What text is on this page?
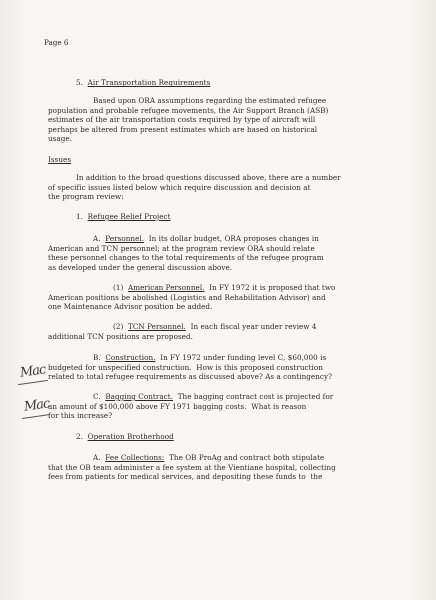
Page 6
5. Air Transportation Requirements
Based upon ORA assumptions regarding the estimated refugee
population and probable refugee movements, the Air Support Branch (ASB)
estimates of the air transportation costs required by type of aircraft will
perhaps be altered from present estimates which are based on historical
usage.
Issues
In addition to the broad questions discussed above, there are a number
of specific issues listed below which require discussion and decision at
the program review:
1. Refugee Relief Project
A. Personnel. In its dollar budget, ORA proposes changes in
American and TCN personnel; at the program review ORA should relate
these personnel changes to the total requirements of the refugee program
as developed under the general discussion above.
(1) American Personnel. In FY 1972 it is proposed that two
American positions be abolished (Logistics and Rehabilitation Advisor) and
one Maintenance Advisor position be added.
(2) TCN Personnel. In each fiscal year under review 4
additional TCN positions are proposed.
B. Construction. In FY 1972 under funding level C, $60,000 is
budgeted for unspecified construction.  How is this proposed construction
related to total refugee requirements as discussed above? As a contingency?
C. Bagging Contract. The bagging contract cost is projected for
an amount of $100,000 above FY 1971 bagging costs.  What is reason
for this increase?
2. Operation Brotherhood
A. Fee Collections: The OB ProAg and contract both stipulate
that the OB team administer a fee system at the Vientiane hospital, collecting
fees from patients for medical services, and depositing these funds to  the
Mac
Mac
